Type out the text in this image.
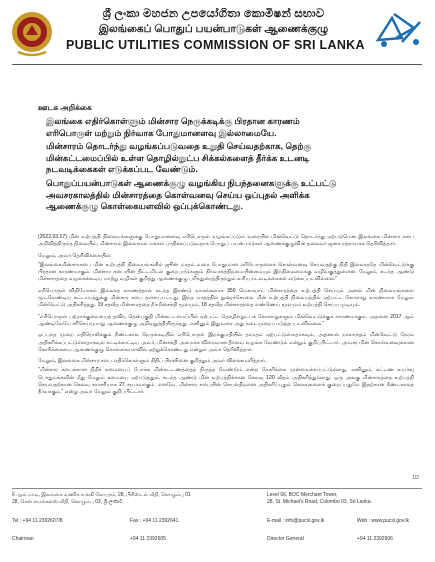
ශ්‍රී ලංකා මහජන උපයෝගිතා කොමිෂන් සභාව
இலங்கைப் பொதுப் பயன்பாடுகள் ஆணைக்குழு
PUBLIC UTILITIES COMMISSION OF SRI LANKA
ஊடக அறிக்கை

இலங்கை எதிர்கொள்ளும் மின்சார நெருக்கடிக்கு பிரதான காரணம் எரிபொருள் மற்றும் நிர்வாக போதுமானளவு இல்லாமையே.

மின்சாரம் தொடர்ந்து வழங்கப்படுவதை உறுதி செய்வதற்காக, தெற்கு மின்கட்டமைப்பில் உள்ள தொழில்நுட்ப சிக்கல்களைத் தீர்க்க உடனடி நடவடிக்கைகள் எடுக்கப்பட வேண்டும்.

பொதுப்பயன்பாடுகள் ஆணைக்குழு வழங்கிய நிபந்தனைகளுக்கு உட்பட்டு அவசரகாலத்தில் மின்சாரத்தை கொள்வனவு செய்ய ஒப்புதல் அளிக்க ஆணைக்குழு கொள்கையளவில் ஒப்புக்கொண்டது.

(2022.03.17) மின் உற்பத்தி நிலையங்களுக்கு போதுமானளவு எரிபொருள் வழங்கப்படும் வரையில் மின்வெட்டு தொடர்ந்து ஏற்படுமென இலங்கை மின்சார சபை அறிவித்திருந்த நிலையில், மின்சாரம் இல்லாமல் மக்கள் பாதிக்கப்படுவதாக பொதுப் பயன்பாடுகள் ஆணைக்குழுவின் தலைவர் ஜனக ரத்நாயக்க தெரிவித்தார்.

மேலும், அவர் தெரிவிக்கையில்:

"இலங்கைமின்சாரசபை மின் உற்பத்தி நிலையங்களில் ஜூன் மாதம் வரை போதுமான எரிபொருளைக் கொள்வனவு செய்வதற்கு நிதி இல்லாததே மின்வெட்டுக்கு பிரதான காரணமாகும். மின்சார சபையின் திட்டமிடல் குறைபாடுகளும் நிர்வாகத்திறமையின்மையும் இந்நிலைமைக்கு வழிவகுத்துள்ளன. மேலும், கடந்த ஆண்டு மின்சாரத்தை வழங்கக்கூடிய மாற்று வழிகள் குறித்து ஆணைக்குழு பரிந்துரைத்திருந்தும் உரிய நடவடிக்கைகள் எடுக்கப்படவில்லை."

எரிபொருள் விநியோகம் இல்லாத காரணத்தால் கடந்த இரண்டு வாரங்களாக 350 மெகாவாட் மின்சாரத்தை உற்பத்தி செய்யும் அனல் மின் நிலையங்களை மூடவேண்டிய கட்டாயத்துக்கு மின்சார சபை தள்ளப்பட்டது. இந்த மாதத்தில் நுரைச்சோலை மின் உற்பத்தி நிலையத்தில் ஏற்பட்ட கோளாறு காரணமாக மேலும் மின்வெட்டு அதிகரித்தது. 19 சதவீத மின்சாரத்தை நீர்மின்சக்தி மூலமும், 18 சதவீத மின்சாரத்தை எண்ணெய் மூலமும் உற்பத்தி செய்ய முடியும்.

"எரிபொருள் பற்றாக்குறையைத் தவிர, தென்பகுதி மின்கட்டமைப்பில் ஏற்பட்ட தொழில்நுட்பக் கோளாறுகளும் மின்வெட்டுக்குக் காரணமாகும். அதனை 2017 ஆம் ஆண்டிலேயே சரிசெய்யுமாறு ஆணைக்குழு அறிவுறுத்தியிருந்தது. எனினும் இதுவரை அது நடைமுறைப்படுத்தப்படவில்லை."

ஒப்பந்த முறை எதிரொலிக்கும் நீண்டகால நெருக்கடியில் எரிபொருள் இறக்குமதியில் தாமதம் ஏற்பட்டுள்ளதாகவும், அதனால் நாளாந்தம் மின்வெட்டு நேரம் அதிகரிக்கப்பட்டுள்ளதாகவும் சுட்டிக்காட்டிய அவர், மின்சக்தி அமைச்சு விரைவான தீர்வை வழங்க வேண்டும் என்றும் குறிப்பிட்டார். அவசர மின் கொள்வனவுக்கான கோரிக்கையை ஆணைக்குழு கொள்கையளவில் ஏற்றுக்கொண்டது என்றும் அவர் தெரிவித்தார்.

மேலும், இலங்கை மின்சார சபை எதிர்கொள்ளும் நிதிப் பிரச்சினை குறித்தும் அவர் விளக்கமளித்தார்.

"மின்சார சபைக்கான நிதிச் சுமையைப் போக்க மின்கட்டணத்தைத் திருத்த வேண்டும் என்ற கோரிக்கை முன்வைக்கப்பட்டுள்ளது. எனினும், கட்டண உயர்வு பொதுமக்களின் மீது மேலும் சுமையை ஏற்படுத்தும். கடந்த ஆண்டு மின் உற்பத்திக்கான செலவு 120 வீதம் அதிகரித்துள்ளது. ஒரு அலகு மின்சாரத்தை உற்பத்தி செய்வதற்கான செலவு சராசரியாக 27 ரூபாவாகும். எனவே, மின்சார சபையின் செயல்திறனை அதிகரிப்பதும் செலவுகளைக் குறைப்பதுமே இதற்கான நீண்டகாலத் தீர்வாகும்." என்று அவர் மேலும் குறிப்பிட்டார்.

1/2
6 ஆம் மாடி, இலங்கை வணிக வங்கி கோபுரம், 28, பிரிஸ்டல் வீதி, கொழும்பு 01
28, சென் மைக்கல்ஸ் வீதி, கொழும்பு 03, ශ්‍රී ලංකාව
Level 06, BOC Merchant Tower,
28, St. Michael's Road, Colombo 03, Sri Lanka.
Tel : +94 11 2392607/8	Fax : +94 11 2392641	E-mail : info@pucsl.gov.lk	Web : www.pucsl.gov.lk
Chairman	+94 11 2392605	Director General	+94 11 2392606
